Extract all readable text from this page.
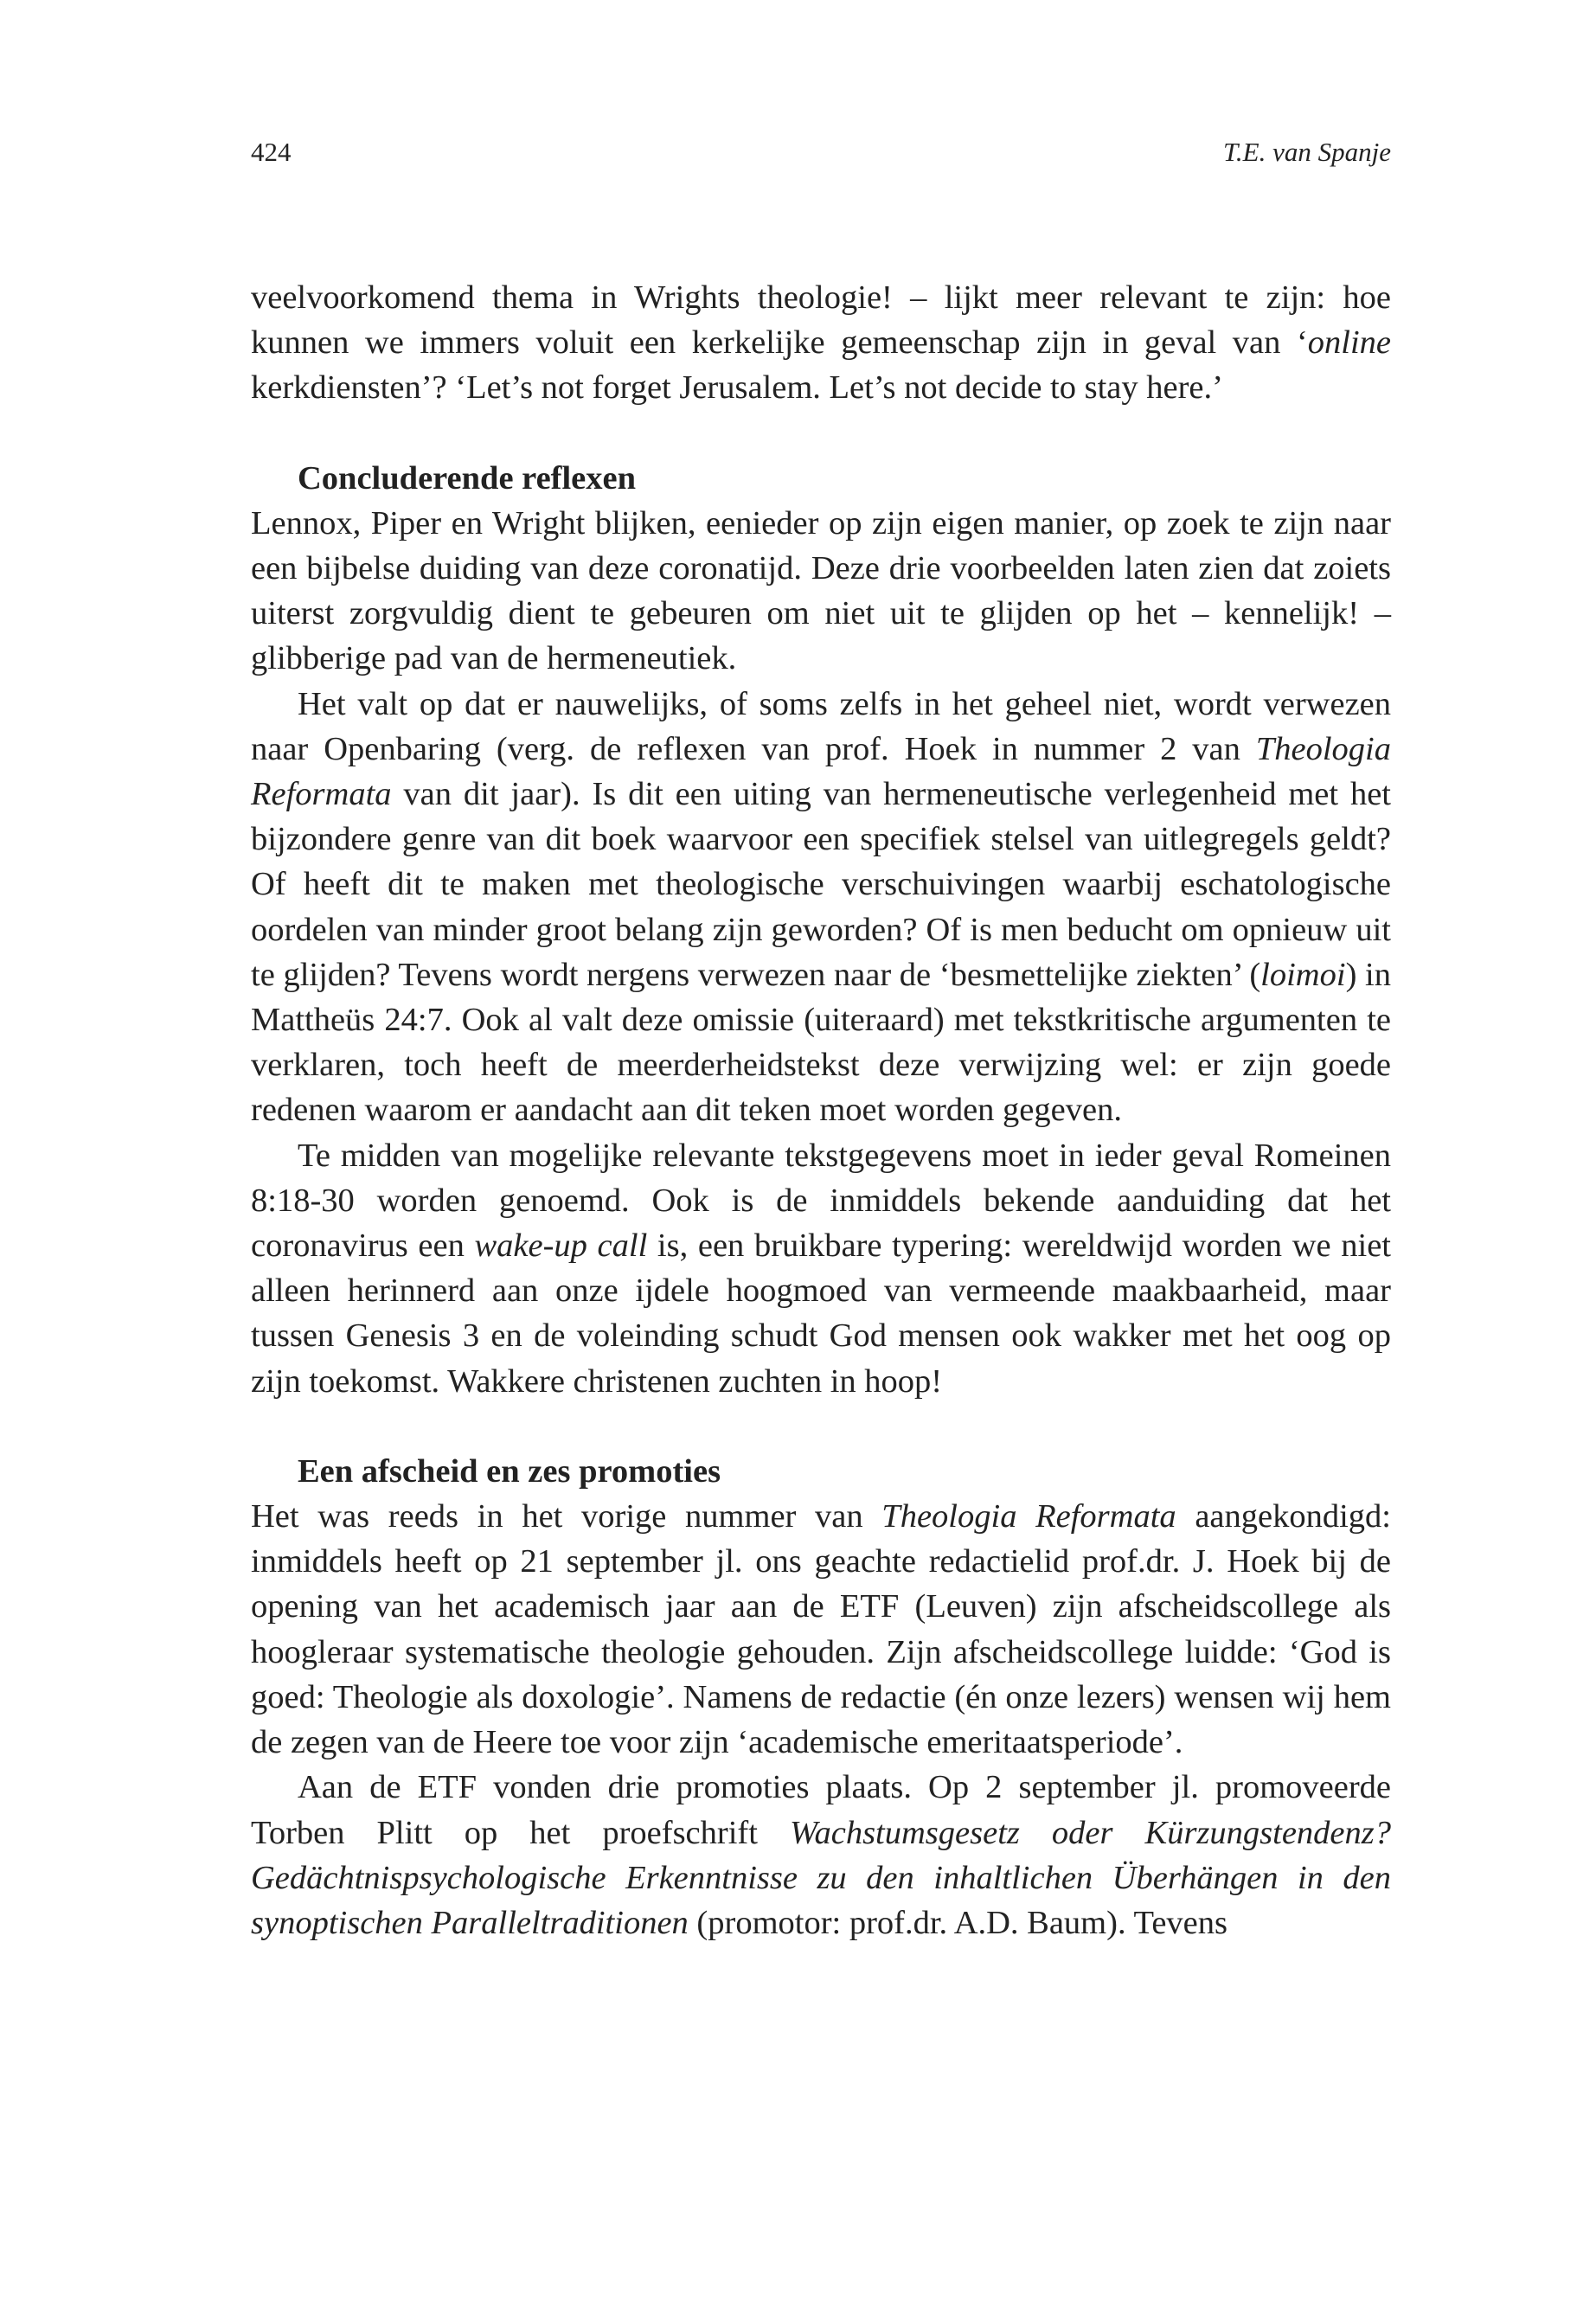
424	T.E. van Spanje

veelvoorkomend thema in Wrights theologie! – lijkt meer relevant te zijn: hoe kunnen we immers voluit een kerkelijke gemeenschap zijn in geval van ‘online kerkdiensten’? ‘Let’s not forget Jerusalem. Let’s not decide to stay here.’

Concluderende reflexen

Lennox, Piper en Wright blijken, eenieder op zijn eigen manier, op zoek te zijn naar een bijbelse duiding van deze coronatijd. Deze drie voorbeelden laten zien dat zoiets uiterst zorgvuldig dient te gebeuren om niet uit te glijden op het – kennelijk! – glibberige pad van de hermeneutiek.

Het valt op dat er nauwelijks, of soms zelfs in het geheel niet, wordt verwezen naar Openbaring (verg. de reflexen van prof. Hoek in nummer 2 van Theologia Reformata van dit jaar). Is dit een uiting van hermeneutische verlegenheid met het bijzondere genre van dit boek waarvoor een specifiek stelsel van uitlegregels geldt? Of heeft dit te maken met theologische verschuivingen waarbij eschatologische oordelen van minder groot belang zijn geworden? Of is men beducht om opnieuw uit te glijden? Tevens wordt nergens verwezen naar de ‘besmettelijke ziekten’ (loimoi) in Mattheüs 24:7. Ook al valt deze omissie (uiteraard) met tekstkritische argumenten te verklaren, toch heeft de meerderheidstekst deze verwijzing wel: er zijn goede redenen waarom er aandacht aan dit teken moet worden gegeven.

Te midden van mogelijke relevante tekstgegevens moet in ieder geval Romeinen 8:18-30 worden genoemd. Ook is de inmiddels bekende aanduiding dat het coronavirus een wake-up call is, een bruikbare typering: wereldwijd worden we niet alleen herinnerd aan onze ijdele hoogmoed van vermeende maakbaarheid, maar tussen Genesis 3 en de voleinding schudt God mensen ook wakker met het oog op zijn toekomst. Wakkere christenen zuchten in hoop!

Een afscheid en zes promoties

Het was reeds in het vorige nummer van Theologia Reformata aangekondigd: inmiddels heeft op 21 september jl. ons geachte redactielid prof.dr. J. Hoek bij de opening van het academisch jaar aan de ETF (Leuven) zijn afscheidscollege als hoogleraar systematische theologie gehouden. Zijn afscheidscollege luidde: ‘God is goed: Theologie als doxologie’. Namens de redactie (én onze lezers) wensen wij hem de zegen van de Heere toe voor zijn ‘academische emeritaatsperiode’.

Aan de ETF vonden drie promoties plaats. Op 2 september jl. promoveerde Torben Plitt op het proefschrift Wachstumsgesetz oder Kürzungstendenz? Gedächtnispsychologische Erkenntnisse zu den inhaltlichen Überhängen in den synoptischen Paralleltraditionen (promotor: prof.dr. A.D. Baum). Tevens
